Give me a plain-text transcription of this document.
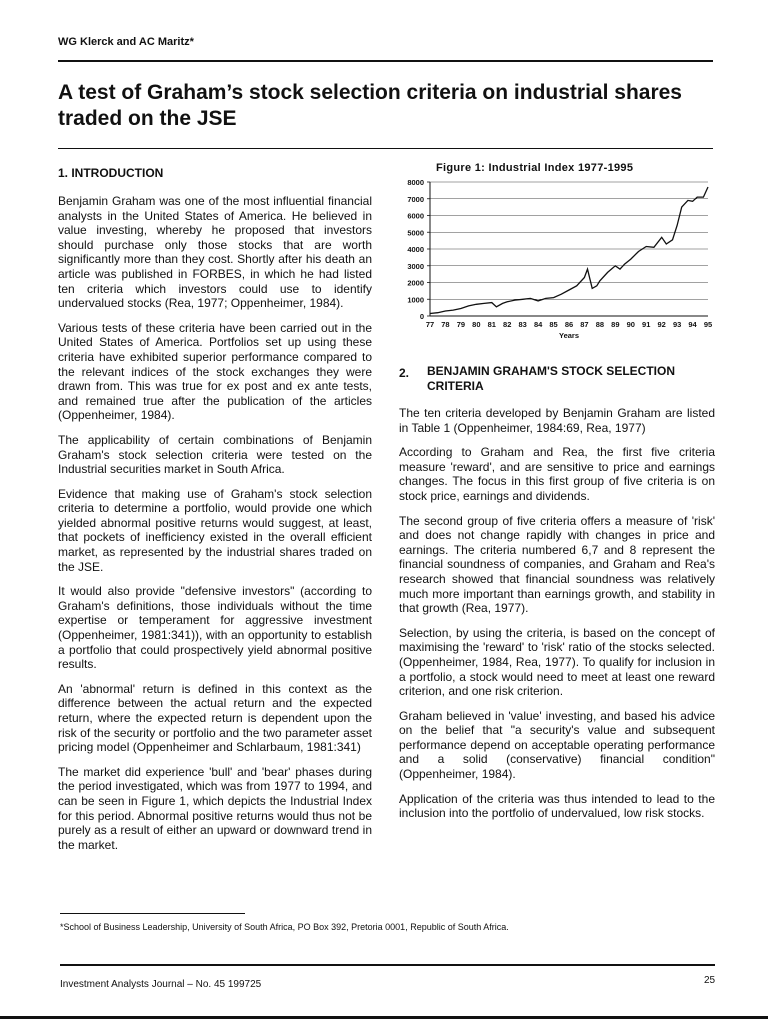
WG Klerck and AC Maritz*
A test of Graham’s stock selection criteria on industrial shares traded on the JSE
1. INTRODUCTION

Benjamin Graham was one of the most influential financial analysts in the United States of America. He believed in value investing, whereby he proposed that investors should purchase only those stocks that are worth significantly more than they cost. Shortly after his death an article was published in FORBES, in which he had listed ten criteria which investors could use to identify undervalued stocks (Rea, 1977; Oppenheimer, 1984).

Various tests of these criteria have been carried out in the United States of America. Portfolios set up using these criteria have exhibited superior performance compared to the relevant indices of the stock exchanges they were drawn from. This was true for ex post and ex ante tests, and remained true after the publication of the articles (Oppenheimer, 1984).

The applicability of certain combinations of Benjamin Graham's stock selection criteria were tested on the Industrial securities market in South Africa.

Evidence that making use of Graham's stock selection criteria to determine a portfolio, would provide one which yielded abnormal positive returns would suggest, at least, that pockets of inefficiency existed in the overall efficient market, as represented by the industrial shares traded on the JSE.

It would also provide "defensive investors" (according to Graham's definitions, those individuals without the time expertise or temperament for aggressive investment (Oppenheimer, 1981:341)), with an opportunity to establish a portfolio that could prospectively yield abnormal positive results.

An 'abnormal' return is defined in this context as the difference between the actual return and the expected return, where the expected return is dependent upon the risk of the security or portfolio and the two parameter asset pricing model (Oppenheimer and Schlarbaum, 1981:341)

The market did experience 'bull' and 'bear' phases during the period investigated, which was from 1977 to 1994, and can be seen in Figure 1, which depicts the Industrial Index for this period. Abnormal positive returns would thus not be purely as a result of either an upward or downward trend in the market.

Figure 1: Industrial Index 1977-1995
0
1000
2000
3000
4000
5000
6000
7000
8000
77 78 79 80 81 82 83 84 85 86 87 88 89 90 91 92 93 94 95
Years
2. BENJAMIN GRAHAM'S STOCK SELECTION CRITERIA

The ten criteria developed by Benjamin Graham are listed in Table 1 (Oppenheimer, 1984:69, Rea, 1977)

According to Graham and Rea, the first five criteria measure 'reward', and are sensitive to price and earnings changes. The focus in this first group of five criteria is on stock price, earnings and dividends.

The second group of five criteria offers a measure of 'risk' and does not change rapidly with changes in price and earnings. The criteria numbered 6,7 and 8 represent the financial soundness of companies, and Graham and Rea's research showed that financial soundness was relatively much more important than earnings growth, and stability in that growth (Rea, 1977).

Selection, by using the criteria, is based on the concept of maximising the 'reward' to 'risk' ratio of the stocks selected. (Oppenheimer, 1984, Rea, 1977). To qualify for inclusion in a portfolio, a stock would need to meet at least one reward criterion, and one risk criterion.

Graham believed in 'value' investing, and based his advice on the belief that "a security's value and subsequent performance depend on acceptable operating performance and a solid (conservative) financial condition" (Oppenheimer, 1984).

Application of the criteria was thus intended to lead to the inclusion into the portfolio of undervalued, low risk stocks.

*School of Business Leadership, University of South Africa, PO Box 392, Pretoria 0001, Republic of South Africa.
Investment Analysts Journal – No. 45 199725	25
